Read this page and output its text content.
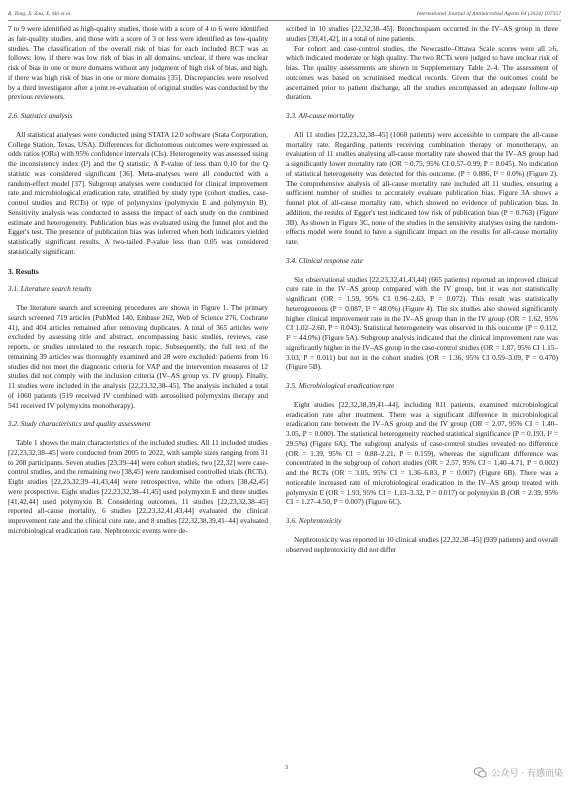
R. Tong, X. Zou, X. Shi et al.	International Journal of Antimicrobial Agents 64 (2024) 107357

7 to 9 were identified as high-quality studies, those with a score of 4 to 6 were identified as fair-quality studies, and those with a score of 3 or less were identified as low-quality studies. The classification of the overall risk of bias for each included RCT was as follows: low, if there was low risk of bias in all domains, unclear, if there was unclear risk of bias in one or more domains without any judgment of high risk of bias, and high, if there was high risk of bias in one or more domains [35]. Discrepancies were resolved by a third investigator after a joint re-evaluation of original studies was conducted by the previous reviewers.

2.6. Statistics analysis

All statistical analyses were conducted using STATA 12.0 software (Stata Corporation, College Station, Texas, USA). Differences for dichotomous outcomes were expressed as odds ratios (ORs) with 95% confidence intervals (CIs). Heterogeneity was assessed using the inconsistency index (I²) and the Q statistic. A P-value of less than 0.10 for the Q statistic was considered significant [36]. Meta-analyses were all conducted with a random-effect model [37]. Subgroup analyses were conducted for clinical improvement rate and microbiological eradication rate, stratified by study type (cohort studies, case-control studies and RCTs) or type of polymyxins (polymyxin E and polymyxin B). Sensitivity analysis was conducted to assess the impact of each study on the combined estimate and heterogeneity. Publication bias was evaluated using the funnel plot and the Egger's test. The presence of publication bias was inferred when both indicators yielded statistically significant results. A two-tailed P-value less than 0.05 was considered statistically significant.

3. Results
3.1. Literature search results

The literature search and screening procedures are shown in Figure 1. The primary search screened 719 articles (PubMed 140, Embase 262, Web of Science 276, Cochrane 41), and 404 articles remained after removing duplicates. A total of 365 articles were excluded by assessing title and abstract, encompassing basic studies, reviews, case reports, or studies unrelated to the research topic. Subsequently, the full text of the remaining 39 articles was thoroughly examined and 28 were excluded: patients from 16 studies did not meet the diagnostic criteria for VAP and the intervention measures of 12 studies did not comply with the inclusion criteria (IV–AS group vs. IV group). Finally, 11 studies were included in the analysis [22,23,32,38–45]. The analysis included a total of 1060 patients (519 received IV combined with aerosolised polymyxins therapy and 541 received IV polymyxins monotherapy).

3.2. Study characteristics and quality assessment

Table 1 shows the main characteristics of the included studies. All 11 included studies [22,23,32,38–45] were conducted from 2005 to 2022, with sample sizes ranging from 31 to 208 participants. Seven studies [23,39–44] were cohort studies, two [22,32] were case-control studies, and the remaining two [38,45] were randomised controlled trials (RCTs). Eight studies [22,23,32,39–41,43,44] were retrospective, while the others [38,42,45] were prospective. Eight studies [22,23,32,38–41,45] used polymyxin E and three studies [41,42,44] used polymyxin B. Considering outcomes, 11 studies [22,23,32,38–45] reported all-cause mortality, 6 studies [22,23,32,41,43,44] evaluated the clinical improvement rate and the clinical cure rate, and 8 studies [22,32,38,39,41–44] evaluated microbiological eradication rate. Nephrotoxic events were de-

scribed in 10 studies [22,32,38–45]. Bronchospasm occurred in the IV–AS group in three studies [39,41,42], in a total of nine patients.

For cohort and case-control studies, the Newcastle–Ottawa Scale scores were all ≥6, which indicated moderate or high quality. The two RCTs were judged to have unclear risk of bias. The quality assessments are shown in Supplementary Table 2–4. The assessment of outcomes was based on scrutinised medical records. Given that the outcomes could be ascertained prior to patient discharge, all the studies encompassed an adequate follow-up duration.

3.3. All-cause mortality

All 11 studies [22,23,32,38–45] (1060 patients) were accessible to compare the all-cause mortality rate. Regarding patients receiving combination therapy or monotherapy, an evaluation of 11 studies analysing all-cause mortality rate showed that the IV–AS group had a significantly lower mortality rate (OR = 0.75, 95% CI 0.57–0.99, P = 0.045). No indication of statistical heterogeneity was detected for this outcome. (P = 0.886, I² = 0.0%) (Figure 2). The comprehensive analysis of all-cause mortality rate included all 11 studies, ensuring a sufficient number of studies to accurately evaluate publication bias. Figure 3A shows a funnel plot of all-cause mortality rate, which showed no evidence of publication bias. In addition, the results of Egger's test indicated low risk of publication bias (P = 0.763) (Figure 3B). As shown in Figure 3C, none of the studies in the sensitivity analyses using the random-effects model were found to have a significant impact on the results for all-cause mortality rate.

3.4. Clinical response rate

Six observational studies [22,23,32,41,43,44] (665 patients) reported an improved clinical cure rate in the IV–AS group compared with the IV group, but it was not statistically significant (OR = 1.59, 95% CI 0.96–2.63, P = 0.072). This result was statistically heterogeneous (P = 0.087, I² = 48.0%) (Figure 4). The six studies also showed significantly higher clinical improvement rate in the IV–AS group than in the IV group (OR = 1.62, 95% CI 1.02–2.60, P = 0.043). Statistical heterogeneity was observed in this outcome (P = 0.112, I² = 44.0%) (Figure 5A). Subgroup analysis indicated that the clinical improvement rate was significantly higher in the IV–AS group in the case-control studies (OR = 1.87, 95% CI 1.15–3.03, P = 0.011) but not in the cohort studies (OR = 1.36, 95% CI 0.59–3.09, P = 0.470) (Figure 5B).

3.5. Microbiological eradication rate

Eight studies [22,32,38,39,41–44], including 811 patients, examined microbiological eradication rate after treatment. There was a significant difference in microbiological eradication rate between the IV–AS group and the IV group (OR = 2.07, 95% CI = 1.40–3.05, P = 0.000). The statistical heterogeneity reached statistical significance (P = 0.193, I² = 29.5%) (Figure 6A). The subgroup analysis of case-control studies revealed no difference (OR = 1.39, 95% CI = 0.88–2.21, P = 0.159), whereas the significant difference was concentrated in the subgroup of cohort studies (OR = 2.57, 95% CI = 1.40–4.71, P = 0.002) and the RCTs (OR = 3.05, 95% CI = 1.36–6.83, P = 0.007) (Figure 6B). There was a noticeable increased rate of microbiological eradication in the IV–AS group treated with polymyxin E (OR = 1.93, 95% CI = 1.13–3.32, P = 0.017) or polymyxin B (OR = 2.39, 95% CI = 1.27–4.50, P = 0.007) (Figure 6C).

3.6. Nephrotoxicity

Nephrotoxicity was reported in 10 clinical studies [22,32,38–45] (939 patients) and overall observed nephrotoxicity did not differ

3
公众号 · 有感而染
